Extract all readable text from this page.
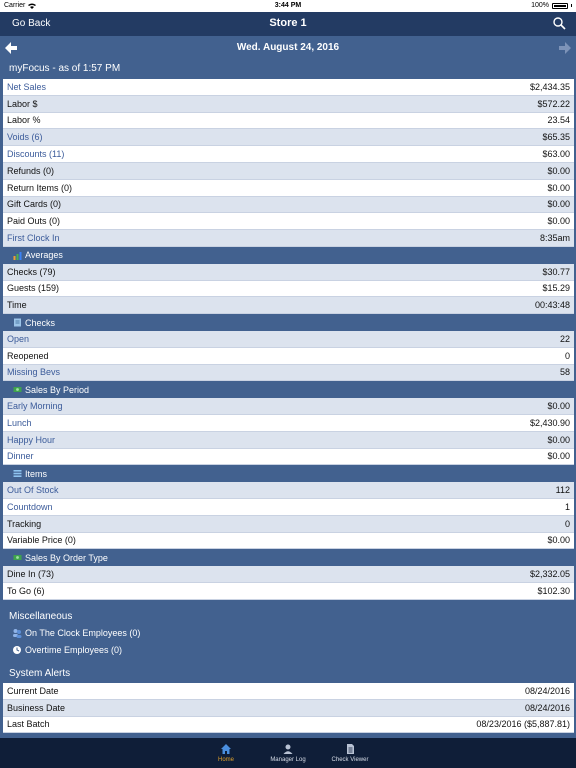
Carrier	3:44 PM	100%
Go Back	Store 1
Wed. August 24, 2016
myFocus - as of 1:57 PM
Net Sales	$2,434.35
Labor $	$572.22
Labor %	23.54
Voids (6)	$65.35
Discounts (11)	$63.00
Refunds (0)	$0.00
Return Items (0)	$0.00
Gift Cards (0)	$0.00
Paid Outs (0)	$0.00
First Clock In	8:35am
Averages
Checks (79)	$30.77
Guests (159)	$15.29
Time	00:43:48
Checks
Open	22
Reopened	0
Missing Bevs	58
Sales By Period
Early Morning	$0.00
Lunch	$2,430.90
Happy Hour	$0.00
Dinner	$0.00
Items
Out Of Stock	112
Countdown	1
Tracking	0
Variable Price (0)	$0.00
Sales By Order Type
Dine In (73)	$2,332.05
To Go (6)	$102.30
Miscellaneous
On The Clock Employees (0)
Overtime Employees (0)
System Alerts
Current Date	08/24/2016
Business Date	08/24/2016
Last Batch	08/23/2016 ($5,887.81)
Home	Manager Log	Check Viewer
